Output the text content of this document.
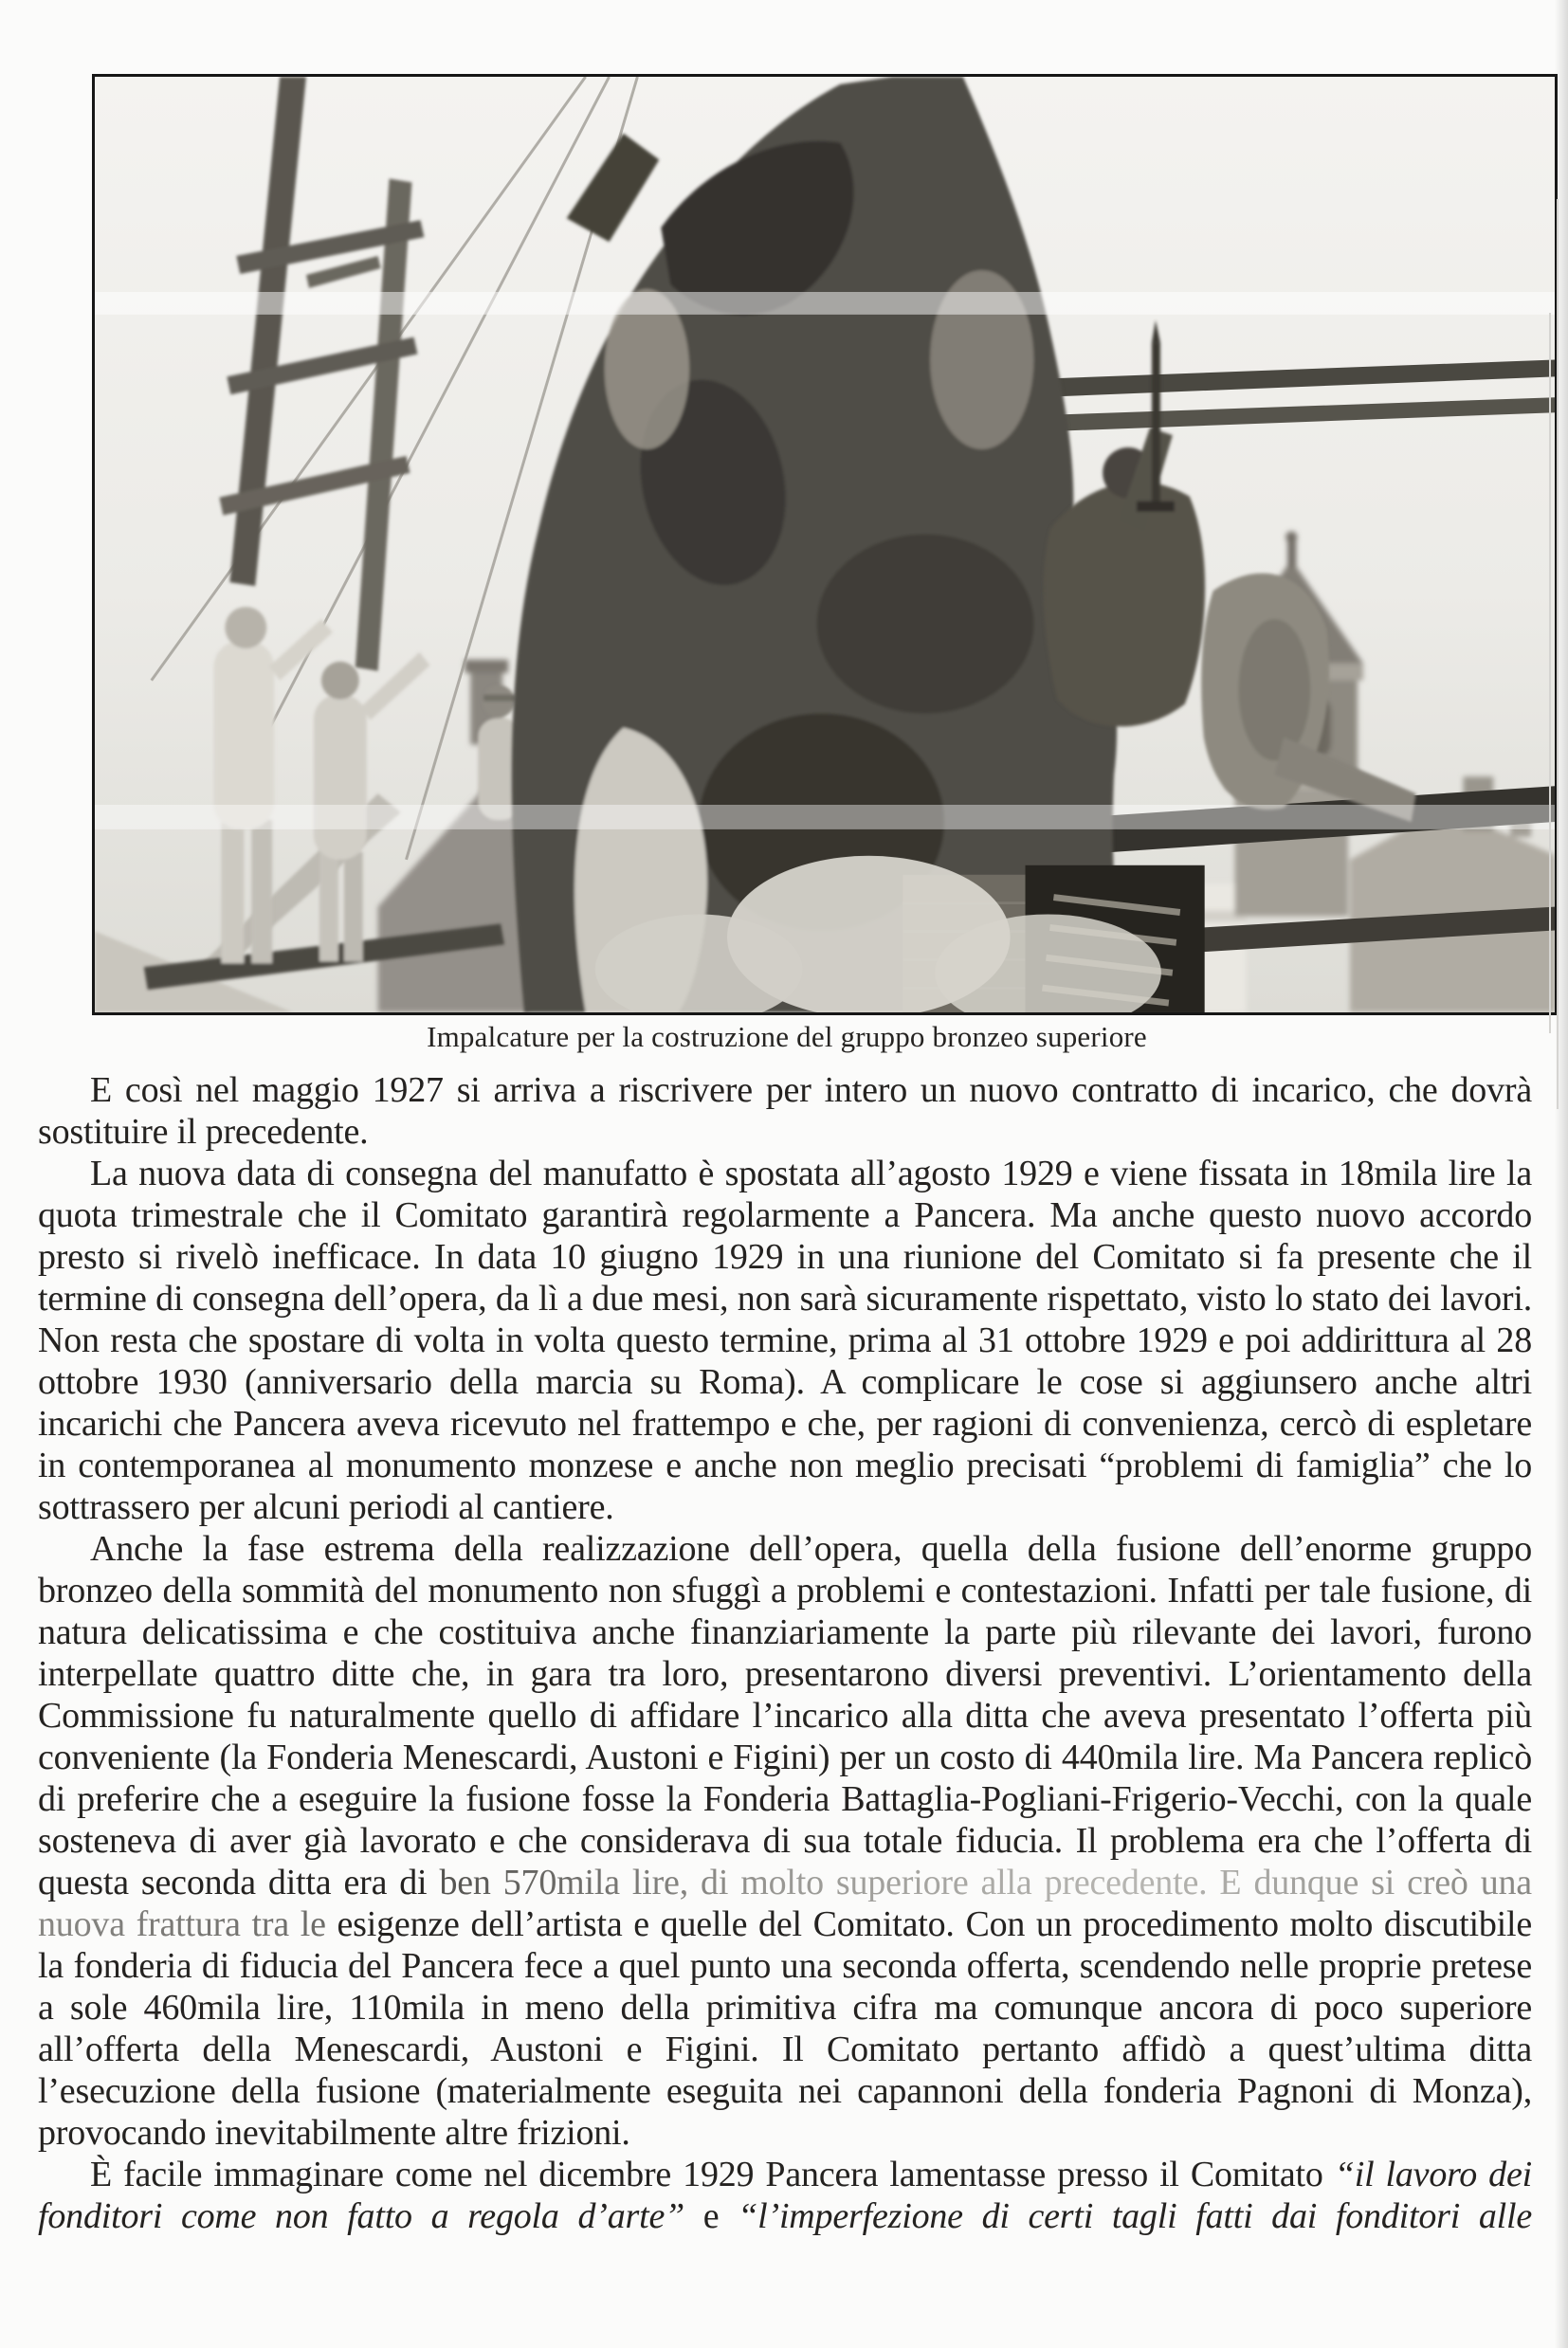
Impalcature per la costruzione del gruppo bronzeo superiore

E così nel maggio 1927 si arriva a riscrivere per intero un nuovo contratto di incarico, che dovrà sostituire il precedente.

La nuova data di consegna del manufatto è spostata all’agosto 1929 e viene fissata in 18mila lire la quota trimestrale che il Comitato garantirà regolarmente a Pancera. Ma anche questo nuovo accordo presto si rivelò inefficace. In data 10 giugno 1929 in una riunione del Comitato si fa presente che il termine di consegna dell’opera, da lì a due mesi, non sarà sicuramente rispettato, visto lo stato dei lavori. Non resta che spostare di volta in volta questo termine, prima al 31 ottobre 1929 e poi addirittura al 28 ottobre 1930 (anniversario della marcia su Roma). A complicare le cose si aggiunsero anche altri incarichi che Pancera aveva ricevuto nel frattempo e che, per ragioni di convenienza, cercò di espletare in contemporanea al monumento monzese e anche non meglio precisati “problemi di famiglia” che lo sottrassero per alcuni periodi al cantiere.

Anche la fase estrema della realizzazione dell’opera, quella della fusione dell’enorme gruppo bronzeo della sommità del monumento non sfuggì a problemi e contestazioni. Infatti per tale fusione, di natura delicatissima e che costituiva anche finanziariamente la parte più rilevante dei lavori, furono interpellate quattro ditte che, in gara tra loro, presentarono diversi preventivi. L’orientamento della Commissione fu naturalmente quello di affidare l’incarico alla ditta che aveva presentato l’offerta più conveniente (la Fonderia Menescardi, Austoni e Figini) per un costo di 440mila lire. Ma Pancera replicò di preferire che a eseguire la fusione fosse la Fonderia Battaglia-Pogliani-Frigerio-Vecchi, con la quale sosteneva di aver già lavorato e che considerava di sua totale fiducia. Il problema era che l’offerta di questa seconda ditta era di ben 570mila lire, di molto superiore alla precedente. E dunque si creò una nuova frattura tra le esigenze dell’artista e quelle del Comitato. Con un procedimento molto discutibile la fonderia di fiducia del Pancera fece a quel punto una seconda offerta, scendendo nelle proprie pretese a sole 460mila lire, 110mila in meno della primitiva cifra ma comunque ancora di poco superiore all’offerta della Menescardi, Austoni e Figini. Il Comitato pertanto affidò a quest’ultima ditta l’esecuzione della fusione (materialmente eseguita nei capannoni della fonderia Pagnoni di Monza), provocando inevitabilmente altre frizioni.

È facile immaginare come nel dicembre 1929 Pancera lamentasse presso il Comitato “il lavoro dei fonditori come non fatto a regola d’arte” e “l’imperfezione di certi tagli fatti dai fonditori alle
